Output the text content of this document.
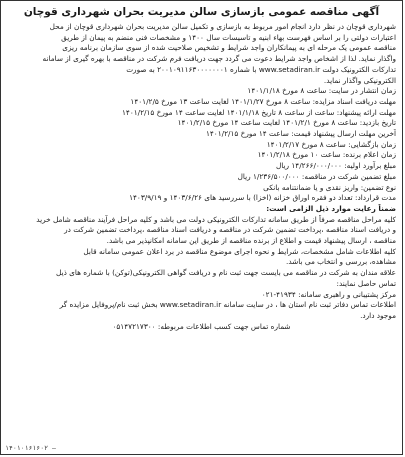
آگهی مناقصه عمومی بازسازی سالن مدیریت بحران شهرداری قوچان
شهرداری قوچان در نظر دارد انجام امور مربوط به بازسازی و تکمیل سالن مدیریت بحران شهرداری قوچان از محل
اعتبارات دولتی را بر اساس فهرست بهاء ابنیه و تاسیسات سال ۱۴۰۰ و مشخصات فنی منضم به پیمان از طریق
مناقصه عمومی یک مرحله ای به پیمانکاران واجد شرایط و تشخیص صلاحیت شده از سوی سازمان برنامه ریزی
واگذار نماید. لذا از اشخاص واجد شرایط دعوت می گردد جهت دریافت فرم شرکت در مناقصه با بهره گیری از سامانه
تدارکات الکترونیک دولت www.setadiran.ir با شماره ۲۰۰۱۰۹۱۱۶۳۰۰۰۰۰۰۰۱ به صورت
الکترونیکی واگذار نماید.
زمان انتشار در سایت: ساعت ۸ مورخ ۱۴۰۱/۱/۱۸
مهلت دریافت اسناد مزایده: ساعت ۸ مورخ ۱۴۰۱/۱/۲۷ لغایت ساعت ۱۳ مورخ ۱۴۰۱/۲/۵
مهلت ارائه پیشنهاد: ساعت از ساعت ۸ تاریخ ۱۴۰۱/۱/۱۸ لغایت ساعت ۱۴ مورخ ۱۴۰۱/۲/۱۵
تاریخ بازدید: ساعت ۸ مورخ ۱۴۰۱/۲/۱ لغایت ساعت ۱۴ مورخ ۱۴۰۱/۲/۱۵
آخرین مهلت ارسال پیشنهاد قیمت: ساعت ۱۴ مورخ ۱۴۰۱/۲/۱۵
زمان بازگشایی: ساعت ۸ مورخ ۱۴۰۱/۲/۱۷
زمان اعلام برنده: ساعت ۱۰ مورخ ۱۴۰۱/۲/۱۸
مبلغ برآورد اولیه: ۱۴/۲۶۶/۰۰۰/۰۰۰ ریال
مبلغ تضمین شرکت در مناقصه: ۱/۲۳۶/۵۰۰/۰۰۰ ریال
نوع تضمین: واریز نقدی و یا ضمانتنامه بانکی
مدت قرارداد: تعداد دو فقره اوراق خزانه (اخزا) با سررسید های ۱۴۰۳/۶/۲۶ و ۱۴۰۳/۹/۱۹
ضمناً رعایت موارد ذیل الزامی است:
کلیه مراحل مناقصه صرفاً از طریق سامانه تدارکات الکترونیکی دولت می باشد و کلیه مراحل فرآیند مناقصه شامل خرید
و دریافت اسناد مناقصه ،پرداخت تضمین شرکت در مناقصه و دریافت اسناد مناقصه ،پرداخت تضمین شرکت در
مناقصه ، ارسال پیشنهاد قیمت و اطلاع از برنده مناقصه از طریق این سامانه امکانپذیر می باشد.
کلیه اطلاعات شامل مشخصات، شرایط و نحوه اجرای موضوع مناقصه در برد اعلان عمومی سامانه قابل
مشاهده، بررسی و انتخاب می باشد.
علاقه مندان به شرکت در مناقصه می بایست جهت ثبت نام و دریافت گواهی الکترونیکی(توکن) با شماره های ذیل
تماس حاصل نمایند:
مرکز پشتیبانی و راهبری سامانه: ۴۱۹۳۴-۰۲۱
اطلاعات تماس دفاتر ثبت نام استان ها ، در سایت سامانه www.setadiran.ir بخش ثبت نام/پروفایل مزایده گر
موجود دارد.
شماره تماس جهت کسب اطلاعات مربوطه: ۰۵۱۴۷۲۱۷۳۰۰
۱۴۰۱۰۱۶۱۶۰۲ —
